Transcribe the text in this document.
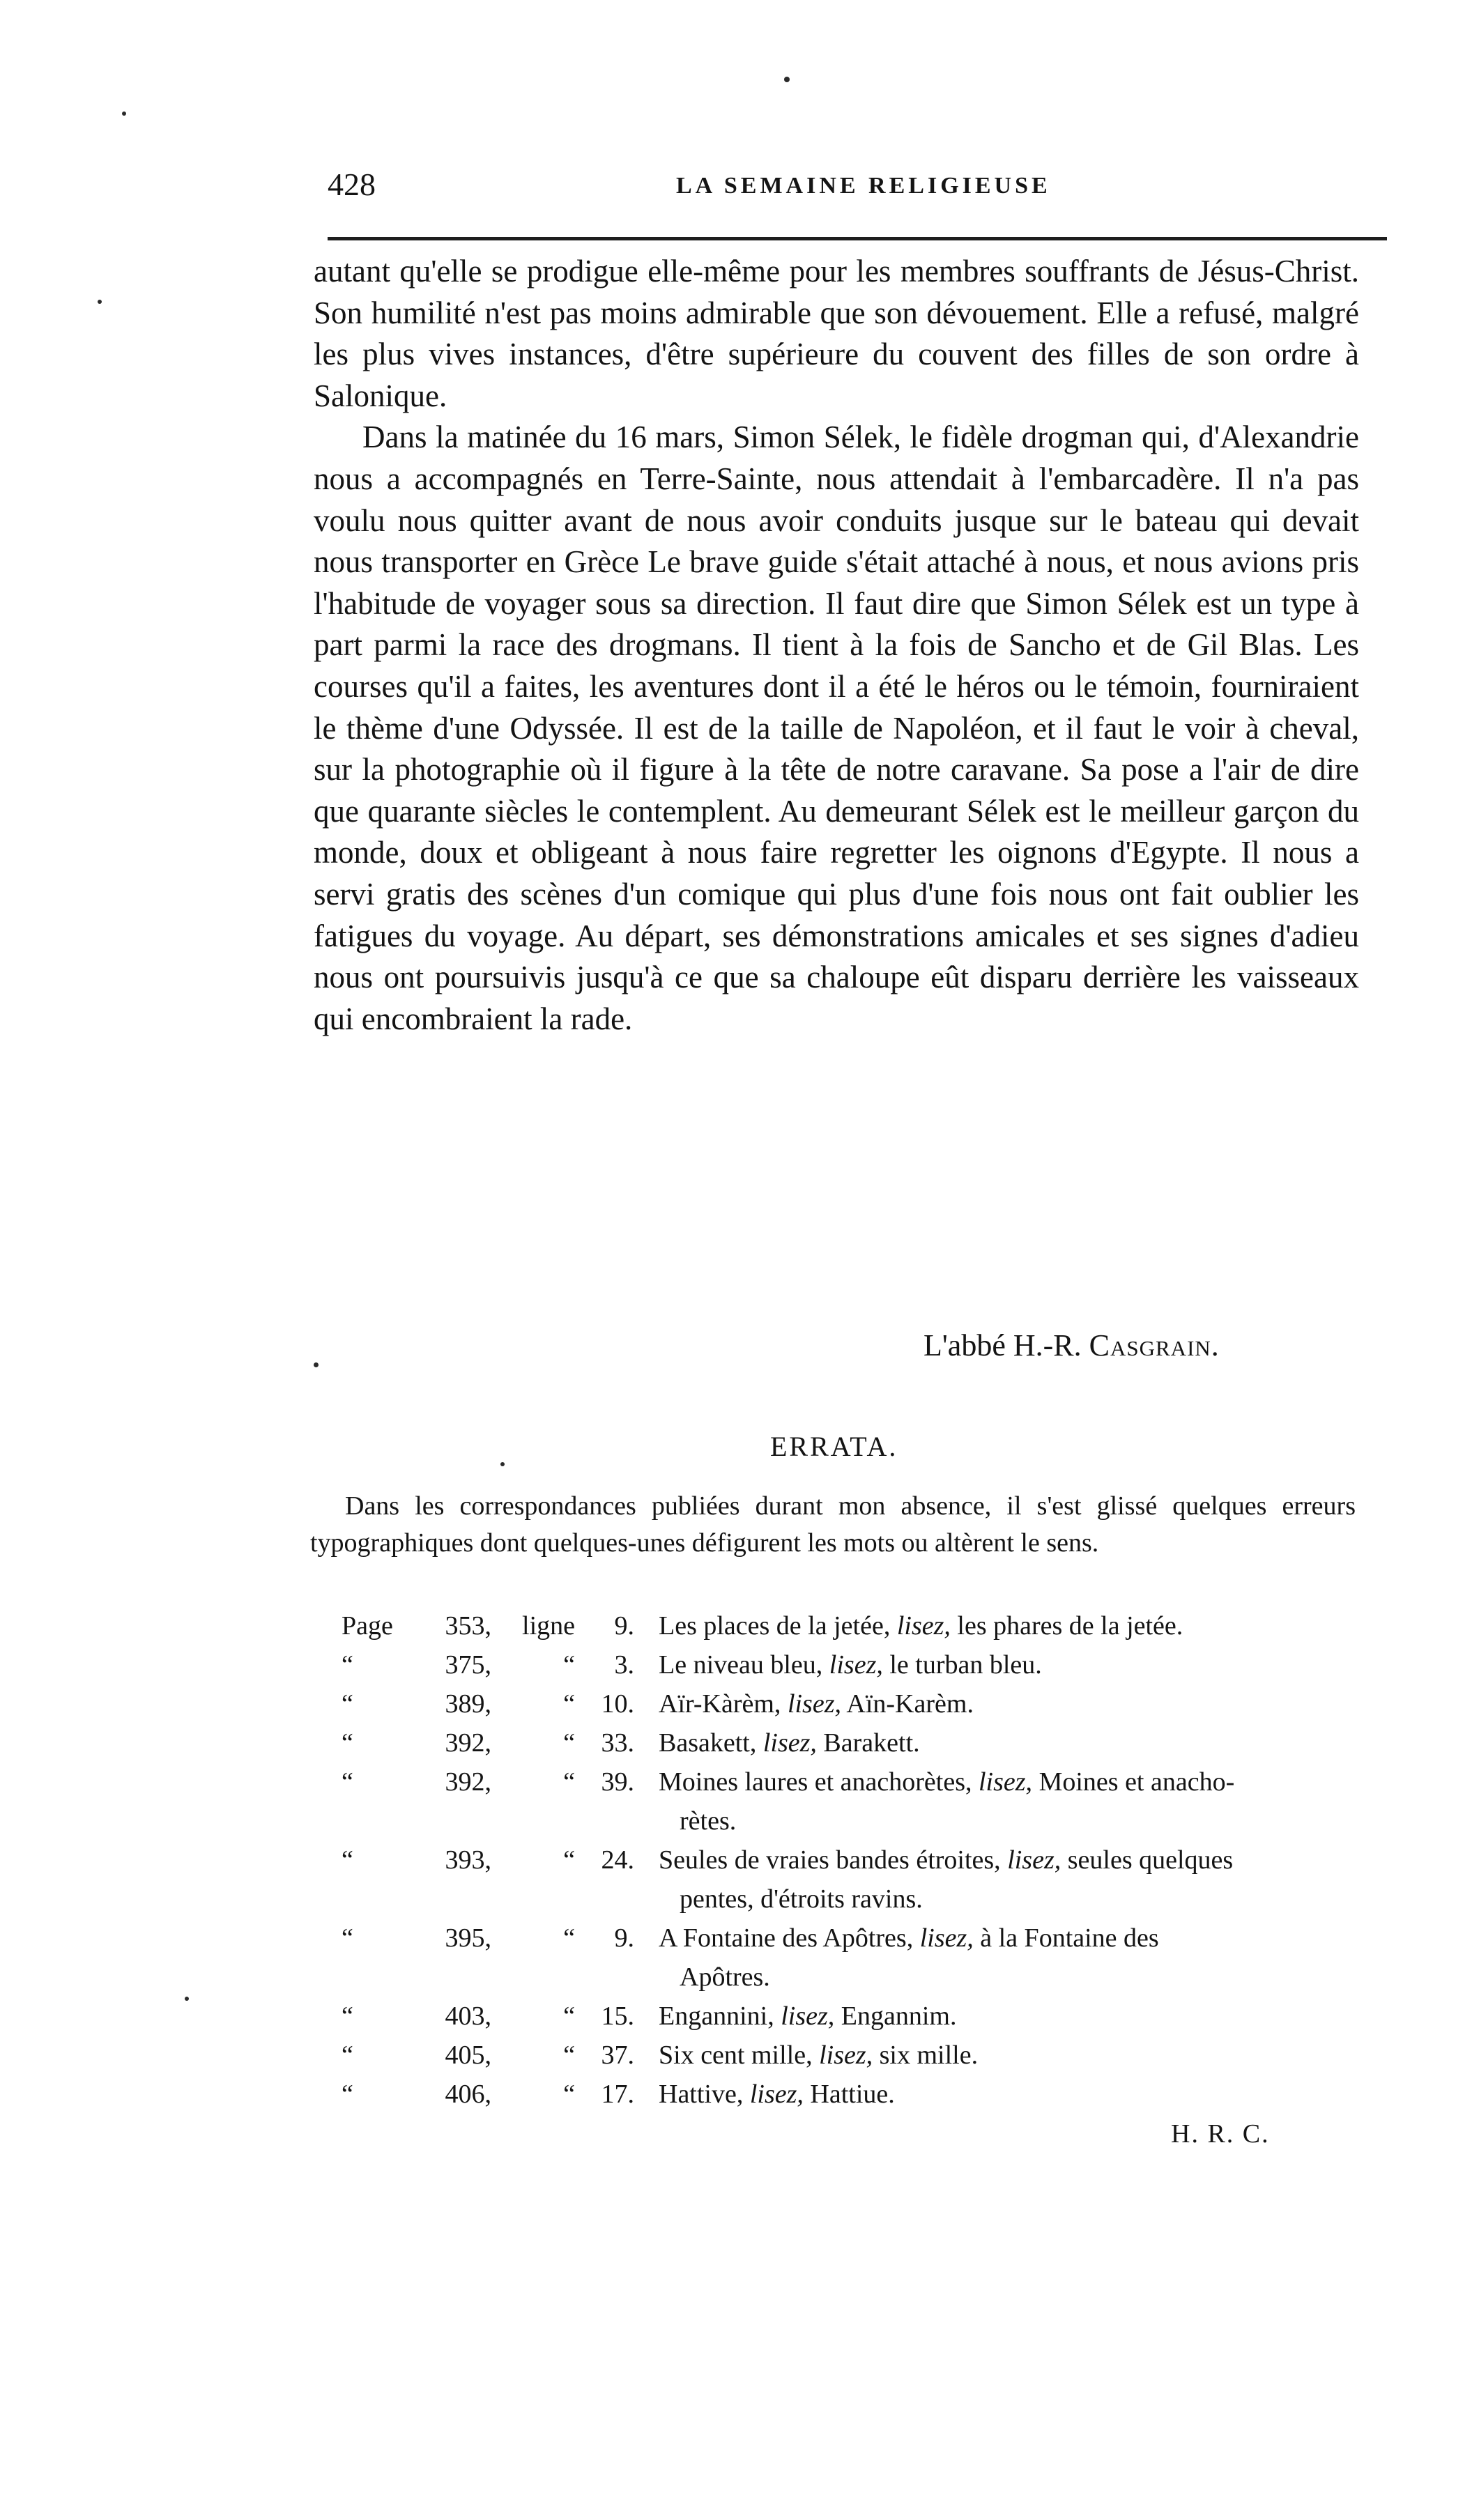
428	LA SEMAINE RELIGIEUSE

autant qu'elle se prodigue elle-même pour les membres souffrants de Jésus-Christ. Son humilité n'est pas moins admirable que son dévouement. Elle a refusé, malgré les plus vives instances, d'être supérieure du couvent des filles de son ordre à Salonique.

Dans la matinée du 16 mars, Simon Sélek, le fidèle drogman qui, d'Alexandrie nous a accompagnés en Terre-Sainte, nous attendait à l'embarcadère. Il n'a pas voulu nous quitter avant de nous avoir conduits jusque sur le bateau qui devait nous transporter en Grèce Le brave guide s'était attaché à nous, et nous avions pris l'habitude de voyager sous sa direction. Il faut dire que Simon Sélek est un type à part parmi la race des drogmans. Il tient à la fois de Sancho et de Gil Blas. Les courses qu'il a faites, les aventures dont il a été le héros ou le témoin, fourniraient le thème d'une Odyssée. Il est de la taille de Napoléon, et il faut le voir à cheval, sur la photographie où il figure à la tête de notre caravane. Sa pose a l'air de dire que quarante siècles le contemplent. Au demeurant Sélek est le meilleur garçon du monde, doux et obligeant à nous faire regretter les oignons d'Egypte. Il nous a servi gratis des scènes d'un comique qui plus d'une fois nous ont fait oublier les fatigues du voyage. Au départ, ses démonstrations amicales et ses signes d'adieu nous ont poursuivis jusqu'à ce que sa chaloupe eût disparu derrière les vaisseaux qui encombraient la rade.

L'abbé H.-R. Casgrain.
ERRATA.

Dans les correspondances publiées durant mon absence, il s'est glissé quelques erreurs typographiques dont quelques-unes défigurent les mots ou altèrent le sens.

Page	353,	ligne	9. Les places de la jetée, lisez, les phares de la jetée.
“	375,	“	3. Le niveau bleu, lisez, le turban bleu.
“	389,	“ 10. Aïr-Kàrèm, lisez, Aïn-Karèm.
“	392,	“ 33. Basakett, lisez, Barakett.
“	392,	“ 39. Moines laures et anachorètes, lisez, Moines et anacho-
rètes.
“	393,	“ 24. Seules de vraies bandes étroites, lisez, seules quelques
pentes, d'étroits ravins.
“	395,	“	9. A Fontaine des Apôtres, lisez, à la Fontaine des
Apôtres.
“	403,	“ 15. Engannini, lisez, Engannim.
“	405,	“ 37. Six cent mille, lisez, six mille.
“	406,	“ 17. Hattive, lisez, Hattiue.
H. R. C.
